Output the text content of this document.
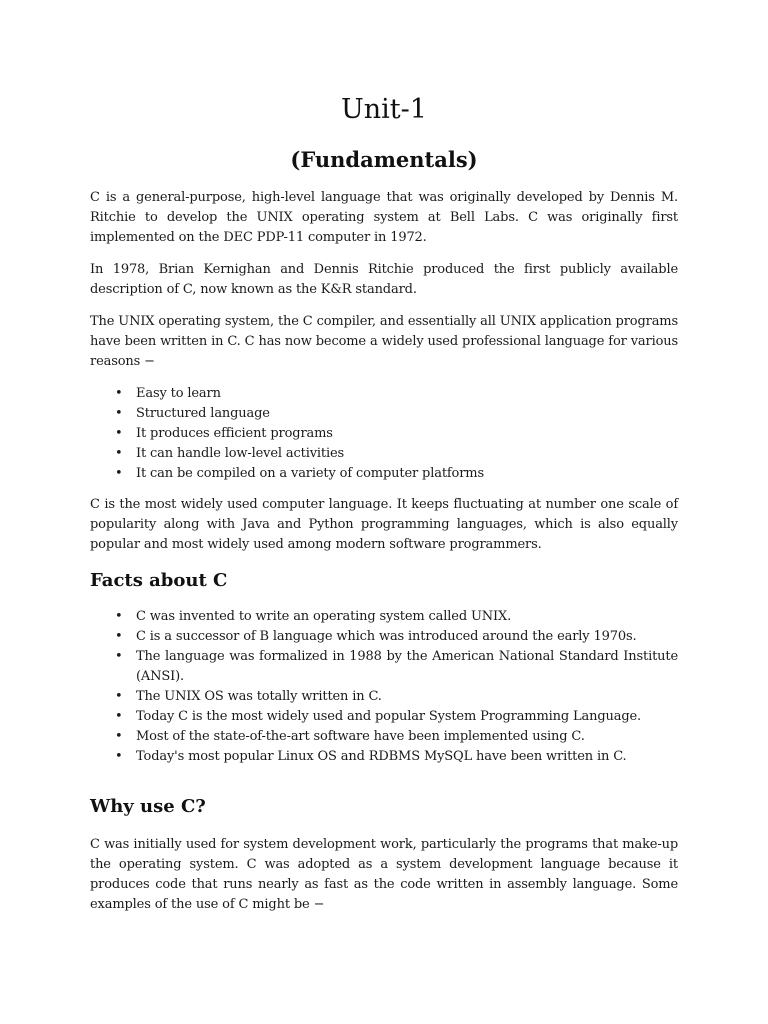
Unit-1
(Fundamentals)

C is a general-purpose, high-level language that was originally developed by Dennis M. Ritchie to develop the UNIX operating system at Bell Labs. C was originally first implemented on the DEC PDP-11 computer in 1972.

In 1978, Brian Kernighan and Dennis Ritchie produced the first publicly available description of C, now known as the K&R standard.

The UNIX operating system, the C compiler, and essentially all UNIX application programs have been written in C. C has now become a widely used professional language for various reasons −

• Easy to learn
• Structured language
• It produces efficient programs
• It can handle low-level activities
• It can be compiled on a variety of computer platforms

C is the most widely used computer language. It keeps fluctuating at number one scale of popularity along with Java and Python programming languages, which is also equally popular and most widely used among modern software programmers.

Facts about C
• C was invented to write an operating system called UNIX.
• C is a successor of B language which was introduced around the early 1970s.
• The language was formalized in 1988 by the American National Standard Institute (ANSI).
• The UNIX OS was totally written in C.
• Today C is the most widely used and popular System Programming Language.
• Most of the state-of-the-art software have been implemented using C.
• Today's most popular Linux OS and RDBMS MySQL have been written in C.
Why use C?

C was initially used for system development work, particularly the programs that make-up the operating system. C was adopted as a system development language because it produces code that runs nearly as fast as the code written in assembly language. Some examples of the use of C might be −
